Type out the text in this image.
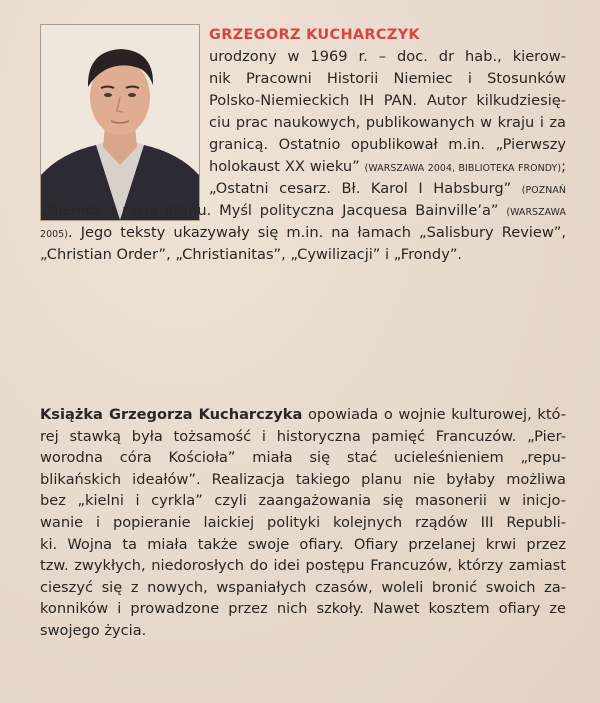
GRZEGORZ KUCHARCZYK
urodzony w 1969 r. – doc. dr hab., kierow-
nik Pracowni Historii Niemiec i Stosunków
Polsko-Niemieckich IH PAN. Autor kilkudziesię-
ciu prac naukowych, publikowanych w kraju i za
granicą. Ostatnio opublikował m.in. „Pierwszy
holokaust XX wieku” (WARSZAWA 2004, BIBLIOTEKA FRONDY);
„Ostatni cesarz. Bł. Karol I Habsburg” (POZNAŃ
„Niemcy i racja stanu. Myśl polityczna Jacquesa Bainville’a” (WARSZAWA
2005). Jego teksty ukazywały się m.in. na łamach „Salisbury Review”,
„Christian Order”, „Christianitas”, „Cywilizacji” i „Frondy”.
Książka Grzegorza Kucharczyka opowiada o wojnie kulturowej, któ-
rej stawką była tożsamość i historyczna pamięć Francuzów. „Pier-
worodna córa Kościoła” miała się stać ucieleśnieniem „repu-
blikańskich ideałów”. Realizacja takiego planu nie byłaby możliwa
bez „kielni i cyrkla” czyli zaangażowania się masonerii w inicjo-
wanie i popieranie laickiej polityki kolejnych rządów III Republi-
ki. Wojna ta miała także swoje ofiary. Ofiary przelanej krwi przez
tzw. zwykłych, niedorosłych do idei postępu Francuzów, którzy zamiast
cieszyć się z nowych, wspaniałych czasów, woleli bronić swoich za-
konników i prowadzone przez nich szkoły. Nawet kosztem ofiary ze
swojego życia.
